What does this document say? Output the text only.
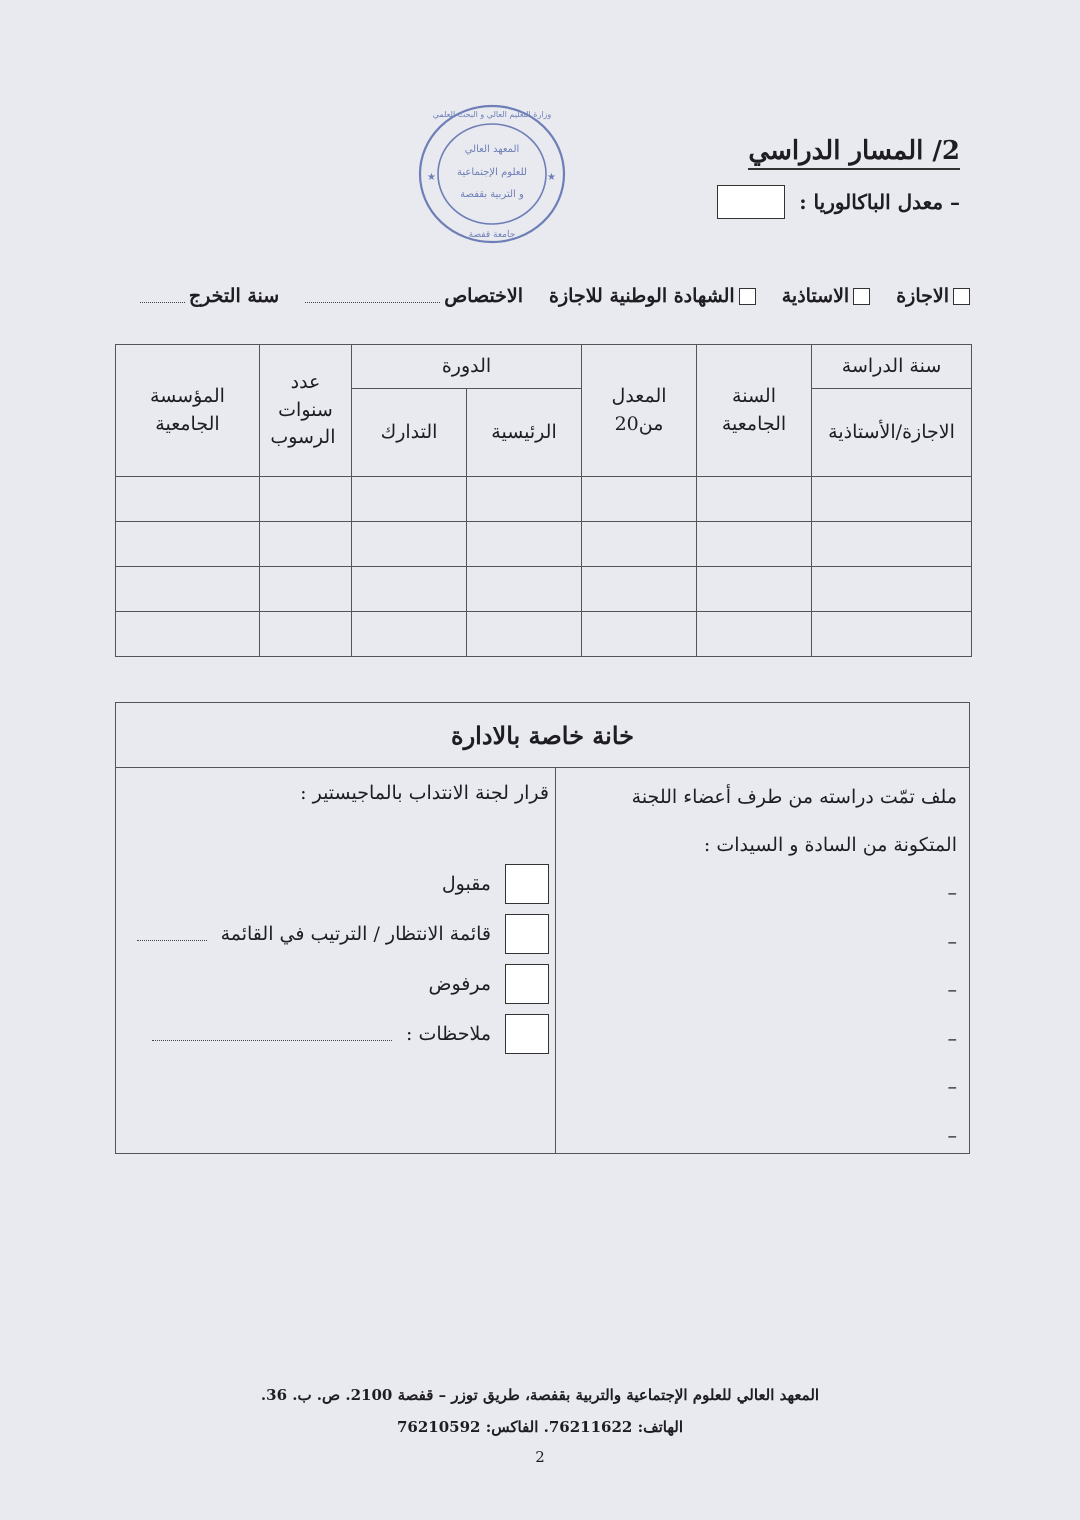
المعهد العالي
للعلوم الإجتماعية
و التربية بقفصة
وزارة التعليم العالي و البحث العلمي
جامعة قفصة
★	★
2/ المسار الدراسي
– معدل الباكالوريا :
الاجازة
الاستاذية
الشهادة الوطنية للاجازة
الاختصاص
سنة التخرج
سنة الدراسة	السنة الجامعية	المعدل من20	الدورة		عدد سنوات الرسوب	المؤسسة الجامعية

الاجازة/الأستاذية			الرئيسية	التدارك		

خانة خاصة بالادارة
ملف تمّت دراسته من طرف أعضاء اللجنة
المتكونة من السادة و السيدات :
–
–
–
–
–
–
قرار لجنة الانتداب بالماجيستير :
مقبول
قائمة الانتظار / الترتيب في القائمة
مرفوض
ملاحظات :
المعهد العالي للعلوم الإجتماعية والتربية بقفصة، طريق توزر – قفصة 2100. ص. ب. 36.
الهاتف: 76211622. الفاكس: 76210592
2
